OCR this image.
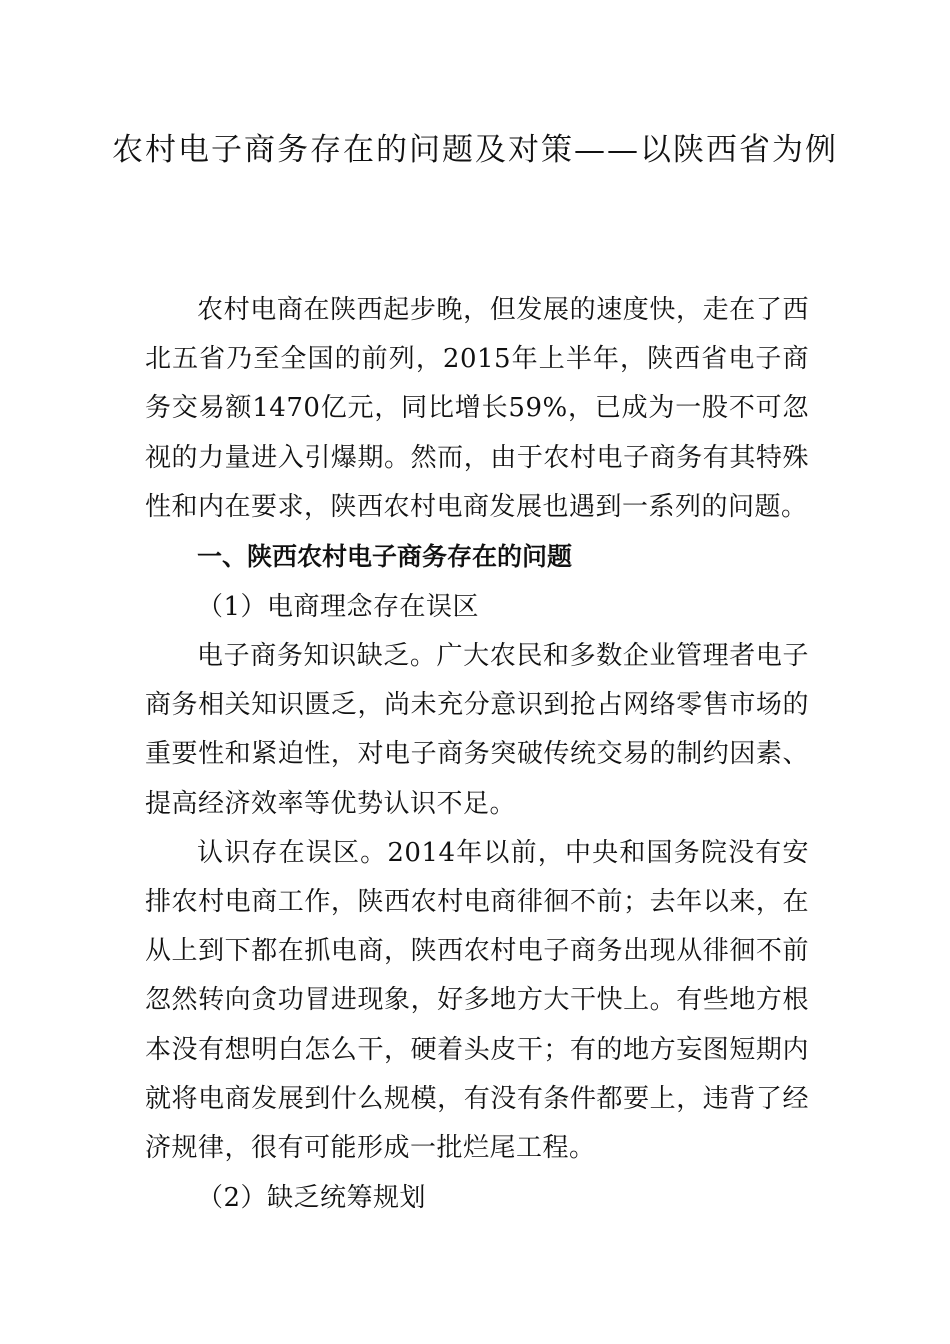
农村电子商务存在的问题及对策——以陕西省为例

农村电商在陕西起步晚，但发展的速度快，走在了西北五省乃至全国的前列，2015年上半年，陕西省电子商务交易额1470亿元，同比增长59%，已成为一股不可忽视的力量进入引爆期。然而，由于农村电子商务有其特殊性和内在要求，陕西农村电商发展也遇到一系列的问题。

一、陕西农村电子商务存在的问题

（1）电商理念存在误区

电子商务知识缺乏。广大农民和多数企业管理者电子商务相关知识匮乏，尚未充分意识到抢占网络零售市场的重要性和紧迫性，对电子商务突破传统交易的制约因素、提高经济效率等优势认识不足。

认识存在误区。2014年以前，中央和国务院没有安排农村电商工作，陕西农村电商徘徊不前；去年以来，在从上到下都在抓电商，陕西农村电子商务出现从徘徊不前忽然转向贪功冒进现象，好多地方大干快上。有些地方根本没有想明白怎么干，硬着头皮干；有的地方妄图短期内就将电商发展到什么规模，有没有条件都要上，违背了经济规律，很有可能形成一批烂尾工程。

（2）缺乏统筹规划
